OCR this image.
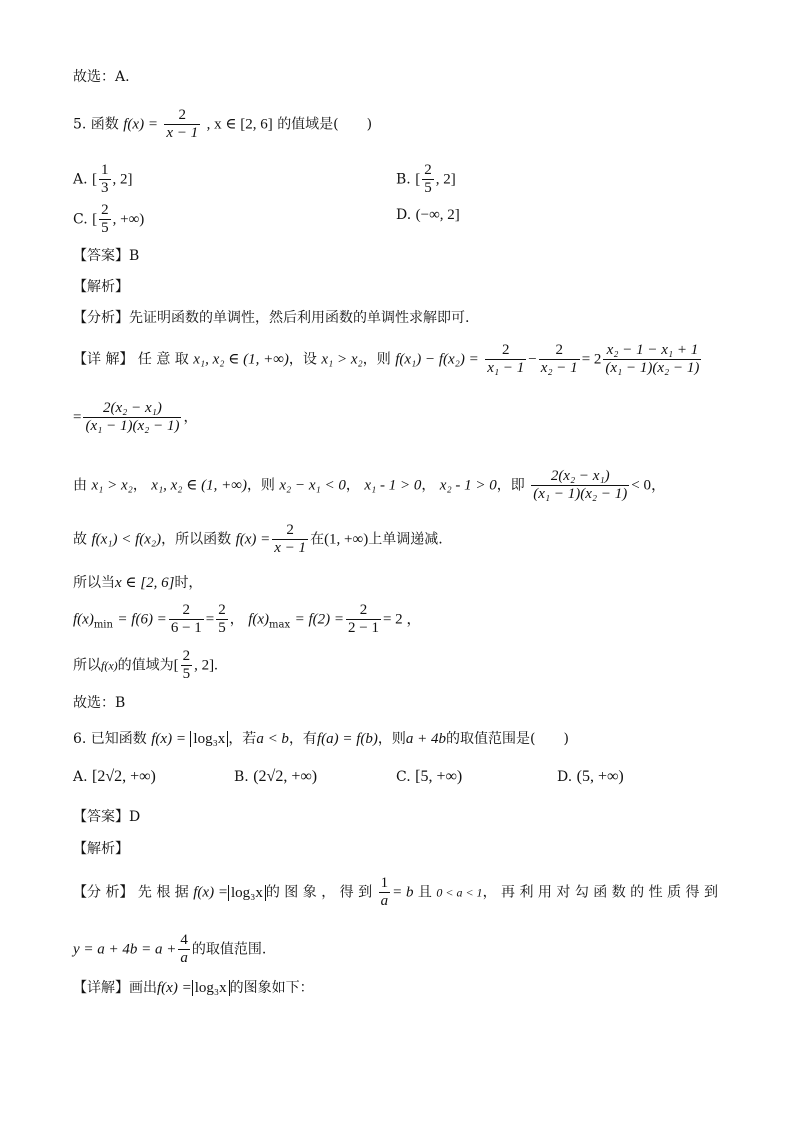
故选：A.
5. 函数 $f(x) = \frac{2}{x - 1}$ , x ∈ [2, 6] 的值域是(　　)
A. [ $\frac{1}{3}$ , 2]	B. [ $\frac{2}{5}$ , 2]
C. [ $\frac{2}{5}$ , +∞)	D. (−∞, 2]
【答案】B
【解析】
【分析】先证明函数的单调性，然后利用函数的单调性求解即可.
【详 解】 任 意 取 x₁, x₂ ∈ (1, +∞)，设 x₁ > x₂，则 $f(x_1) - f(x_2) = \frac{2}{\text{x₁ − 1}} - \frac{2}{\text{x₂ − 1}} = 2 \frac{\text{x₂ − 1 − x₁ + 1}}{\text{(x₁ − 1)(x₂ − 1)}}$
= $\frac{\text{2(x₂ − x₁)}}{\text{(x₁ − 1)(x₂ − 1)}}$ ，
由 x₁ > x₂， x₁, x₂ ∈ (1, +∞)，则 x₂ − x₁ < 0， x₁ - 1 > 0， x₂ - 1 > 0，即 $\frac{\text{2(x₂ − x₁)}}{\text{(x₁ − 1)(x₂ − 1)}} < 0$，
故 f(x₁) < f(x₂)，所以函数 $f(x) = \frac{2}{x - 1}$ 在(1, +∞)上单调递减.
所以当x ∈ [2, 6]时，
$f(x)_{min} = f(6) = \frac{2}{6 - 1} = \frac{2}{5}$ ， $f(x)_{max} = f(2) = \frac{2}{2 - 1} = 2$ ，
所以f(x)的值域为[ $\frac{2}{5}$ , 2].
故选：B
6. 已知函数 f(x) = log₃x ，若a < b，有f(a) = f(b)，则a + 4b的取值范围是(　　)
A. [2√2, +∞)	B. (2√2, +∞)	C. [5, +∞)	D. (5, +∞)
【答案】D
【解析】
【分 析】 先 根 据 f(x) = log₃x 的 图 象 ， 得 到 $\frac{1}{a} = b$ 且 0 < a < 1， 再 利 用 对 勾 函 数 的 性 质 得 到
$y = a + 4b = a + \frac{4}{a}$ 的取值范围.
【详解】画出f(x) = log₃x 的图象如下：
